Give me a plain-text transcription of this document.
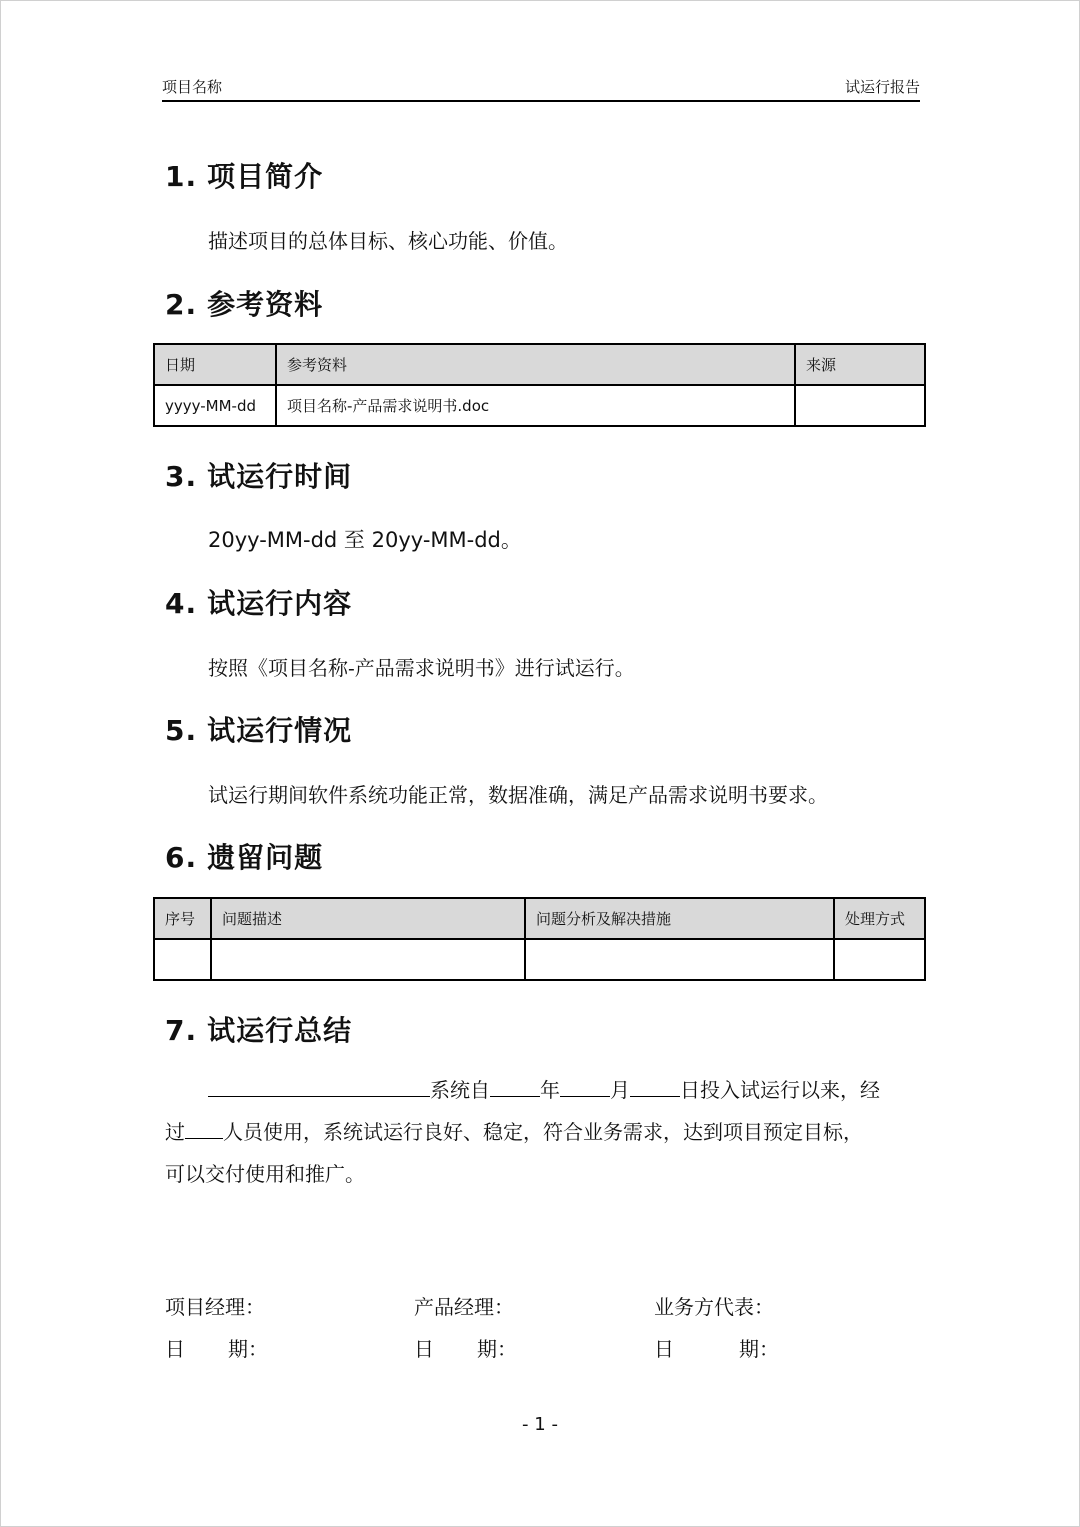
项目名称	试运行报告
1. 项目简介
描述项目的总体目标、核心功能、价值。
2. 参考资料
日期	参考资料	来源
yyyy-MM-dd	项目名称-产品需求说明书.doc	
3. 试运行时间
20yy-MM-dd 至 20yy-MM-dd。
4. 试运行内容
按照《项目名称-产品需求说明书》进行试运行。
5. 试运行情况
试运行期间软件系统功能正常，数据准确，满足产品需求说明书要求。
6. 遗留问题
序号	问题描述	问题分析及解决措施	处理方式

7. 试运行总结
系统自	年	月	日投入试运行以来，经
过 人员使用，系统试运行良好、稳定，符合业务需求，达到项目预定目标，
可以交付使用和推广。
项目经理：	产品经理：	业务方代表：
日 期：	日 期：	日	期：
- 1 -
